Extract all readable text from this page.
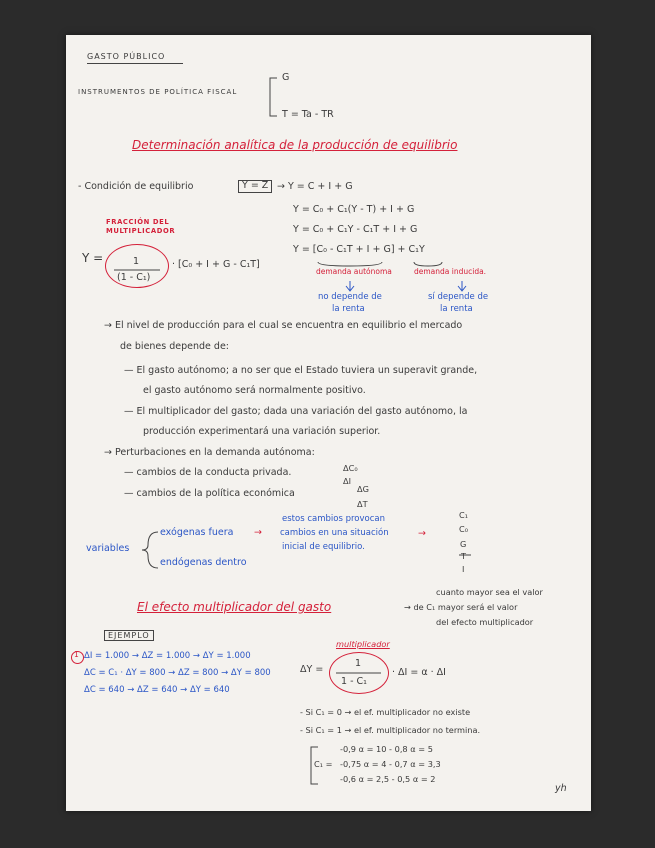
GASTO PÚBLICO
INSTRUMENTOS DE POLÍTICA FISCAL
G
T = Ta - TR
Determinación analítica de la producción de equilibrio
- Condición de equilibrio	Y = Z → Y = C + I + G
Y = C₀ + C₁(Y - T) + I + G
Y = C₀ + C₁Y - C₁T + I + G
Y = [C₀ - C₁T + I + G] + C₁Y
demanda autónoma	demanda inducida.
no depende de
la renta
sí depende de
la renta
FRACCIÓN DEL
MULTIPLICADOR
Y =	1
(1 - C₁)
· [C₀ + I + G - C₁T]
→ El nivel de producción para el cual se encuentra en equilibrio el mercado
de bienes depende de:
— El gasto autónomo; a no ser que el Estado tuviera un superavit grande,
el gasto autónomo será normalmente positivo.
— El multiplicador del gasto; dada una variación del gasto autónomo, la
producción experimentará una variación superior.
→ Perturbaciones en la demanda autónoma:
— cambios de la conducta privada.	ΔC₀
ΔI
— cambios de la política económica	ΔG
ΔT
variables
exógenas fuera →
endógenas dentro
estos cambios provocan
cambios en una situación
inicial de equilibrio.
→
C₁
C₀
G
T
I
El efecto multiplicador del gasto
cuanto mayor sea el valor
→ de C₁ mayor será el valor
del efecto multiplicador
EJEMPLO
1 ΔI = 1.000 → ΔZ = 1.000 → ΔY = 1.000
ΔC = C₁ · ΔY = 800 → ΔZ = 800 → ΔY = 800
ΔC = 640 → ΔZ = 640 → ΔY = 640
multiplicador
ΔY =
1
1 - C₁
· ΔI = α · ΔI
- Si C₁ = 0 → el ef. multiplicador no existe
- Si C₁ = 1 → el ef. multiplicador no termina.
C₁ =
-0,9 α = 10 - 0,8 α = 5
-0,75 α = 4 - 0,7 α = 3,3
-0,6 α = 2,5 - 0,5 α = 2
yh
